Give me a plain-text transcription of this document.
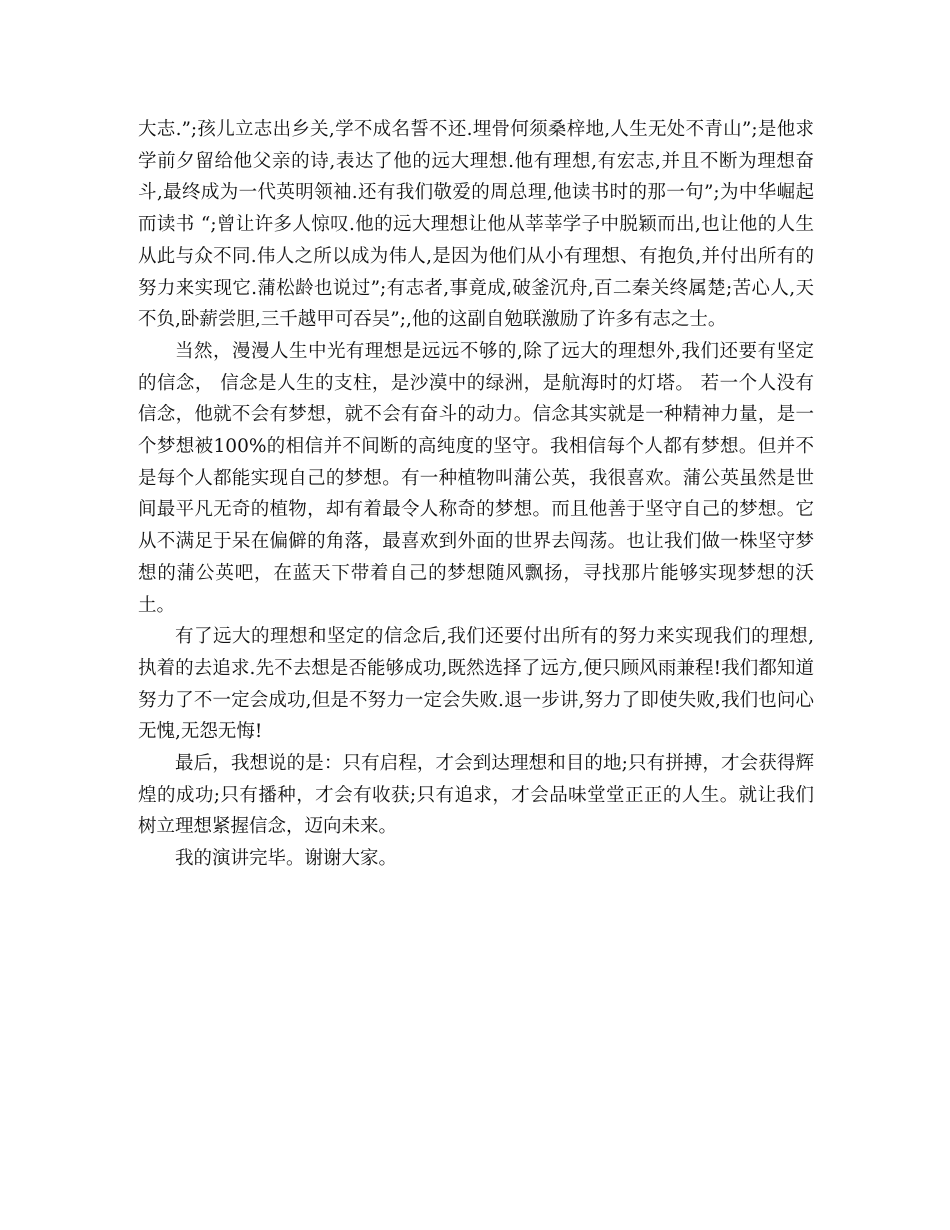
大志.”;孩儿立志出乡关,学不成名誓不还.埋骨何须桑梓地,人生无处不青山”;是他求学前夕留给他父亲的诗,表达了他的远大理想.他有理想,有宏志,并且不断为理想奋斗,最终成为一代英明领袖.还有我们敬爱的周总理,他读书时的那一句”;为中华崛起而读书 “;曾让许多人惊叹.他的远大理想让他从莘莘学子中脱颖而出,也让他的人生从此与众不同.伟人之所以成为伟人,是因为他们从小有理想、有抱负,并付出所有的努力来实现它.蒲松龄也说过”;有志者,事竟成,破釜沉舟,百二秦关终属楚;苦心人,天不负,卧薪尝胆,三千越甲可吞吴”;,他的这副自勉联激励了许多有志之士。

当然，漫漫人生中光有理想是远远不够的,除了远大的理想外,我们还要有坚定的信念， 信念是人生的支柱，是沙漠中的绿洲，是航海时的灯塔。 若一个人没有信念，他就不会有梦想，就不会有奋斗的动力。信念其实就是一种精神力量，是一个梦想被100%的相信并不间断的高纯度的坚守。我相信每个人都有梦想。但并不是每个人都能实现自己的梦想。有一种植物叫蒲公英，我很喜欢。蒲公英虽然是世间最平凡无奇的植物，却有着最令人称奇的梦想。而且他善于坚守自己的梦想。它从不满足于呆在偏僻的角落，最喜欢到外面的世界去闯荡。也让我们做一株坚守梦想的蒲公英吧，在蓝天下带着自己的梦想随风飘扬，寻找那片能够实现梦想的沃土。

有了远大的理想和坚定的信念后,我们还要付出所有的努力来实现我们的理想,执着的去追求.先不去想是否能够成功,既然选择了远方,便只顾风雨兼程!我们都知道努力了不一定会成功,但是不努力一定会失败.退一步讲,努力了即使失败,我们也问心无愧,无怨无悔!

最后，我想说的是：只有启程，才会到达理想和目的地;只有拼搏，才会获得辉煌的成功;只有播种，才会有收获;只有追求，才会品味堂堂正正的人生。就让我们树立理想紧握信念，迈向未来。

我的演讲完毕。谢谢大家。
